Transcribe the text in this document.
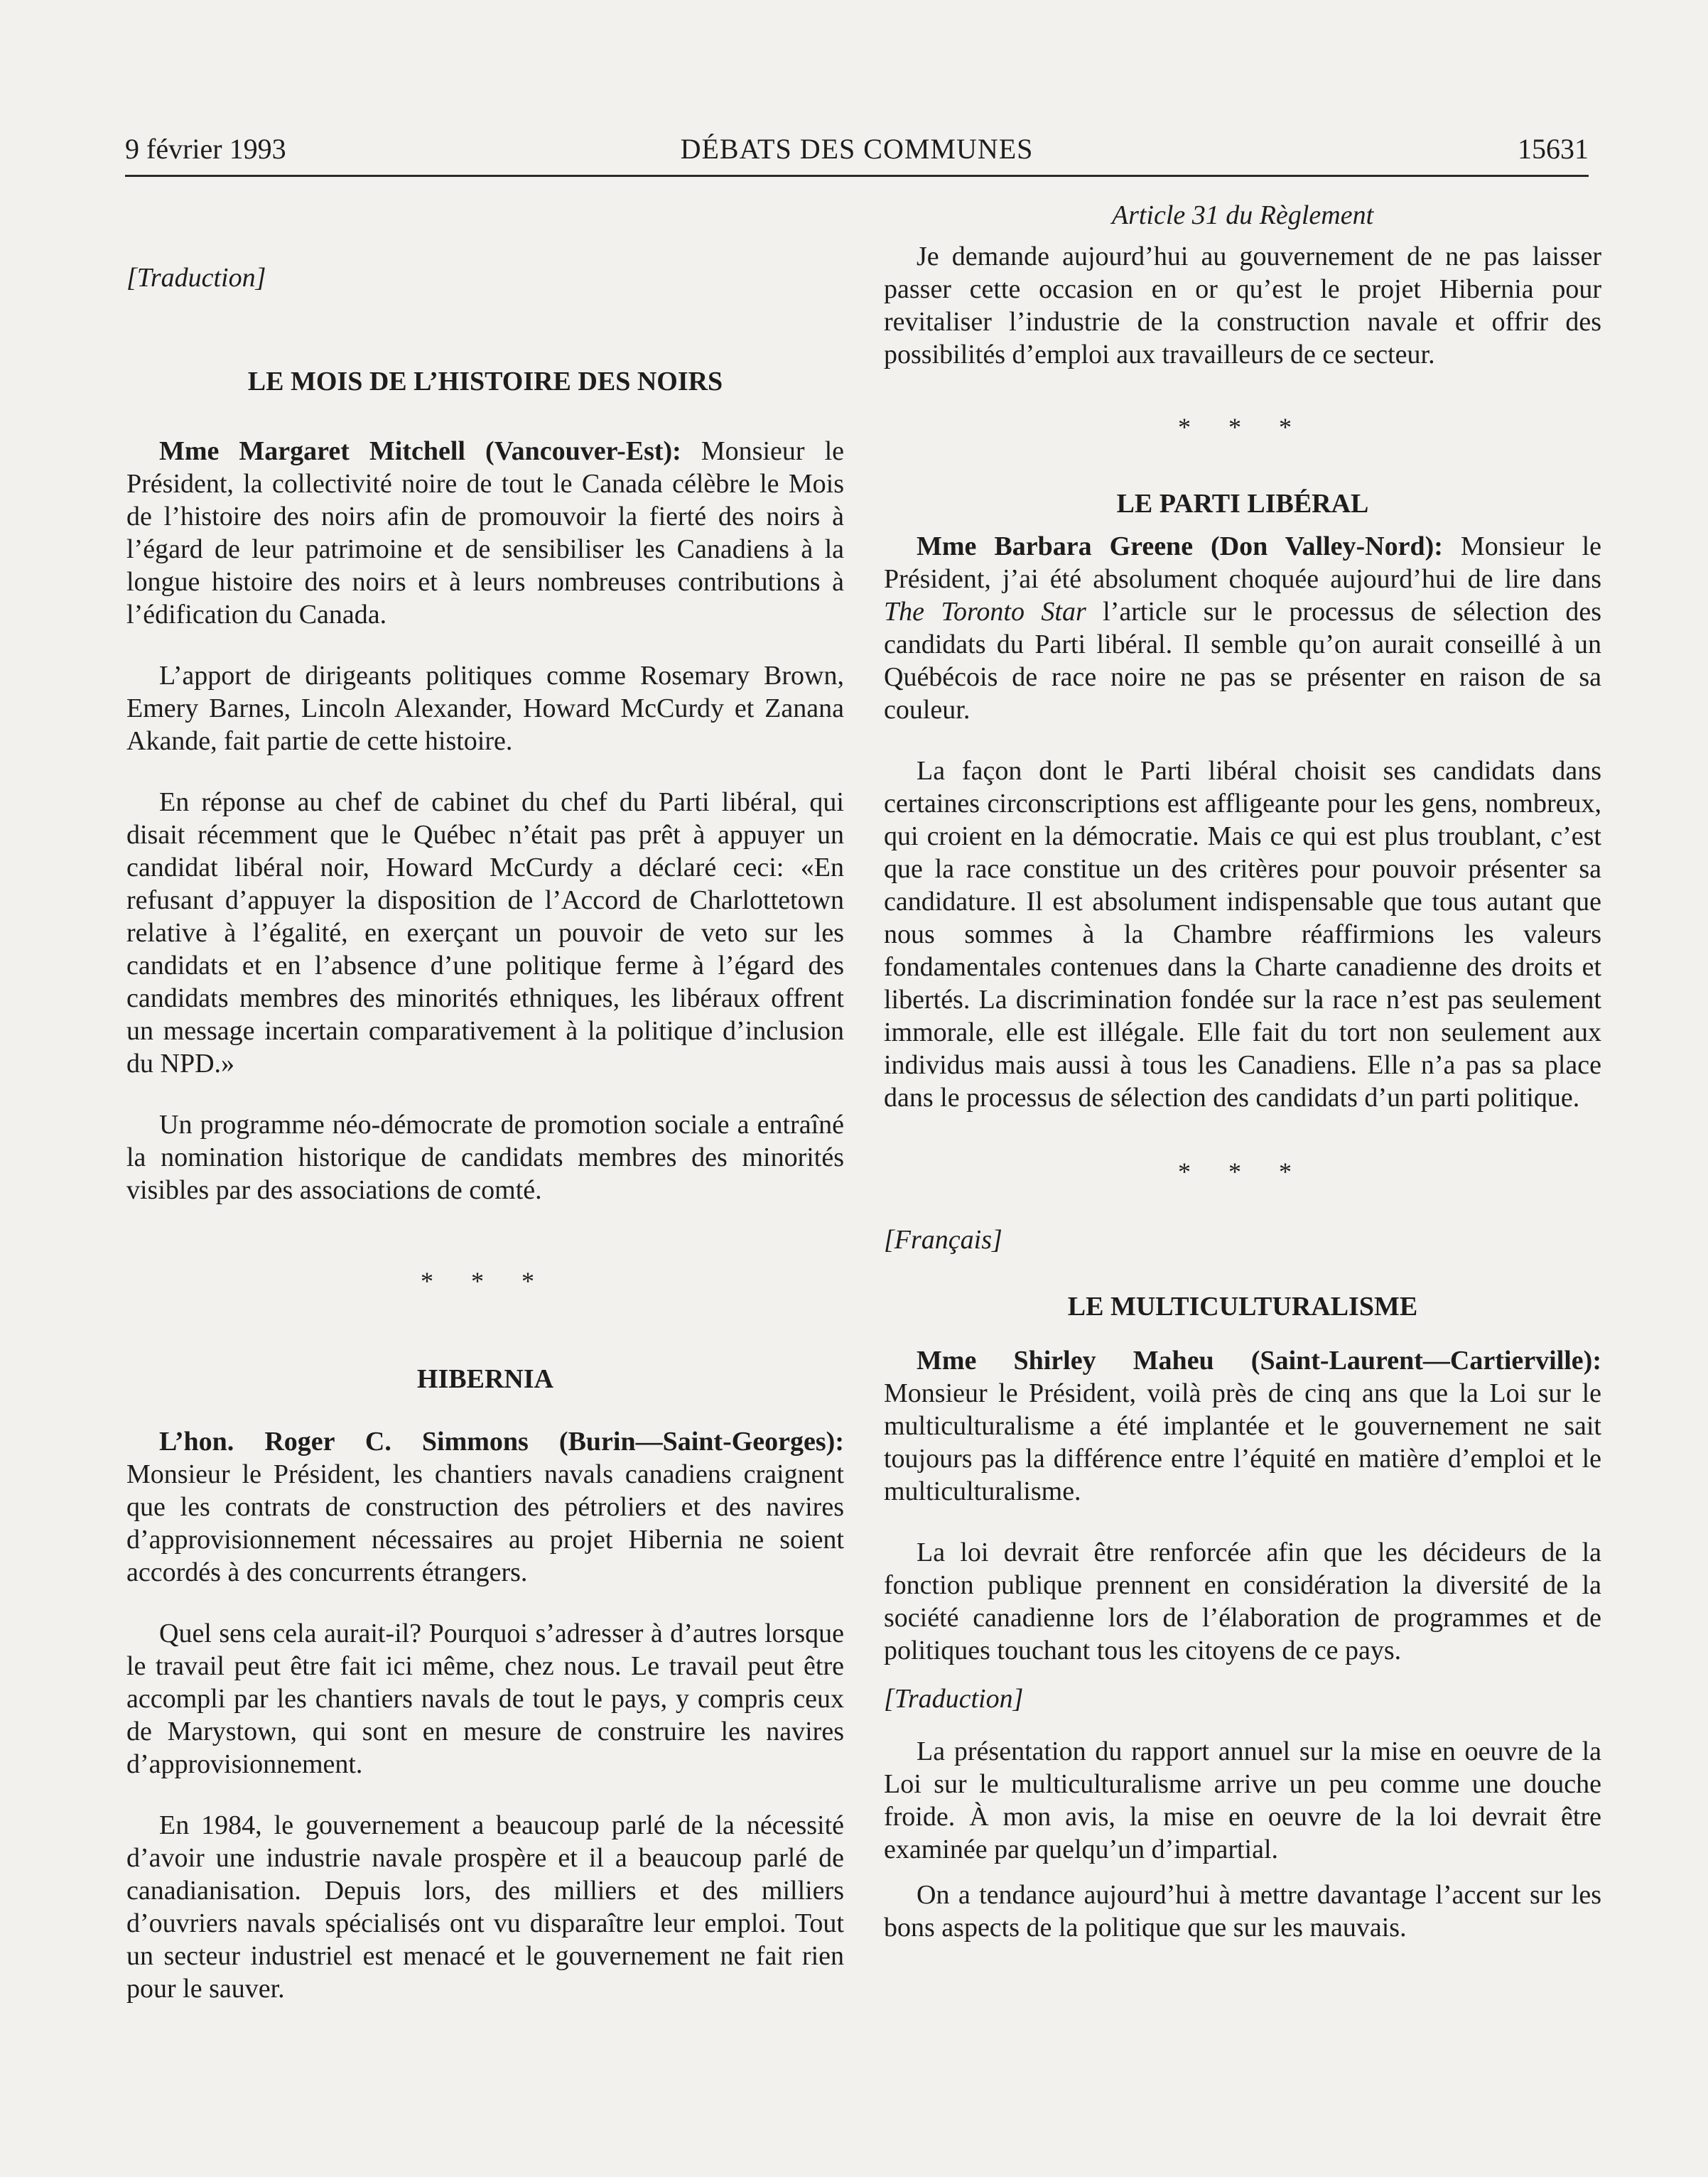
9 février 1993	DÉBATS DES COMMUNES	15631

[Traduction]

LE MOIS DE L’HISTOIRE DES NOIRS

Mme Margaret Mitchell (Vancouver-Est): Monsieur le Président, la collectivité noire de tout le Canada célèbre le Mois de l’histoire des noirs afin de promouvoir la fierté des noirs à l’égard de leur patrimoine et de sensibiliser les Canadiens à la longue histoire des noirs et à leurs nombreuses contributions à l’édification du Canada.

L’apport de dirigeants politiques comme Rosemary Brown, Emery Barnes, Lincoln Alexander, Howard McCurdy et Zanana Akande, fait partie de cette histoire.

En réponse au chef de cabinet du chef du Parti libéral, qui disait récemment que le Québec n’était pas prêt à appuyer un candidat libéral noir, Howard McCurdy a déclaré ceci: «En refusant d’appuyer la disposition de l’Accord de Charlottetown relative à l’égalité, en exerçant un pouvoir de veto sur les candidats et en l’absence d’une politique ferme à l’égard des candidats membres des minorités ethniques, les libéraux offrent un message incertain comparativement à la politique d’inclusion du NPD.»

Un programme néo-démocrate de promotion sociale a entraîné la nomination historique de candidats membres des minorités visibles par des associations de comté.

* * *

HIBERNIA

L’hon. Roger C. Simmons (Burin—Saint-Georges): Monsieur le Président, les chantiers navals canadiens craignent que les contrats de construction des pétroliers et des navires d’approvisionnement nécessaires au projet Hibernia ne soient accordés à des concurrents étrangers.

Quel sens cela aurait-il? Pourquoi s’adresser à d’autres lorsque le travail peut être fait ici même, chez nous. Le travail peut être accompli par les chantiers navals de tout le pays, y compris ceux de Marystown, qui sont en mesure de construire les navires d’approvisionnement.

En 1984, le gouvernement a beaucoup parlé de la nécessité d’avoir une industrie navale prospère et il a beaucoup parlé de canadianisation. Depuis lors, des milliers et des milliers d’ouvriers navals spécialisés ont vu disparaître leur emploi. Tout un secteur industriel est menacé et le gouvernement ne fait rien pour le sauver.

Article 31 du Règlement

Je demande aujourd’hui au gouvernement de ne pas laisser passer cette occasion en or qu’est le projet Hibernia pour revitaliser l’industrie de la construction navale et offrir des possibilités d’emploi aux travailleurs de ce secteur.

* * *

LE PARTI LIBÉRAL

Mme Barbara Greene (Don Valley-Nord): Monsieur le Président, j’ai été absolument choquée aujourd’hui de lire dans The Toronto Star l’article sur le processus de sélection des candidats du Parti libéral. Il semble qu’on aurait conseillé à un Québécois de race noire ne pas se présenter en raison de sa couleur.

La façon dont le Parti libéral choisit ses candidats dans certaines circonscriptions est affligeante pour les gens, nombreux, qui croient en la démocratie. Mais ce qui est plus troublant, c’est que la race constitue un des critères pour pouvoir présenter sa candidature. Il est absolument indispensable que tous autant que nous sommes à la Chambre réaffirmions les valeurs fondamentales contenues dans la Charte canadienne des droits et libertés. La discrimination fondée sur la race n’est pas seulement immorale, elle est illégale. Elle fait du tort non seulement aux individus mais aussi à tous les Canadiens. Elle n’a pas sa place dans le processus de sélection des candidats d’un parti politique.

* * *

[Français]

LE MULTICULTURALISME

Mme Shirley Maheu (Saint-Laurent—Cartierville): Monsieur le Président, voilà près de cinq ans que la Loi sur le multiculturalisme a été implantée et le gouvernement ne sait toujours pas la différence entre l’équité en matière d’emploi et le multiculturalisme.

La loi devrait être renforcée afin que les décideurs de la fonction publique prennent en considération la diversité de la société canadienne lors de l’élaboration de programmes et de politiques touchant tous les citoyens de ce pays.

[Traduction]

La présentation du rapport annuel sur la mise en oeuvre de la Loi sur le multiculturalisme arrive un peu comme une douche froide. À mon avis, la mise en oeuvre de la loi devrait être examinée par quelqu’un d’impartial.

On a tendance aujourd’hui à mettre davantage l’accent sur les bons aspects de la politique que sur les mauvais.
